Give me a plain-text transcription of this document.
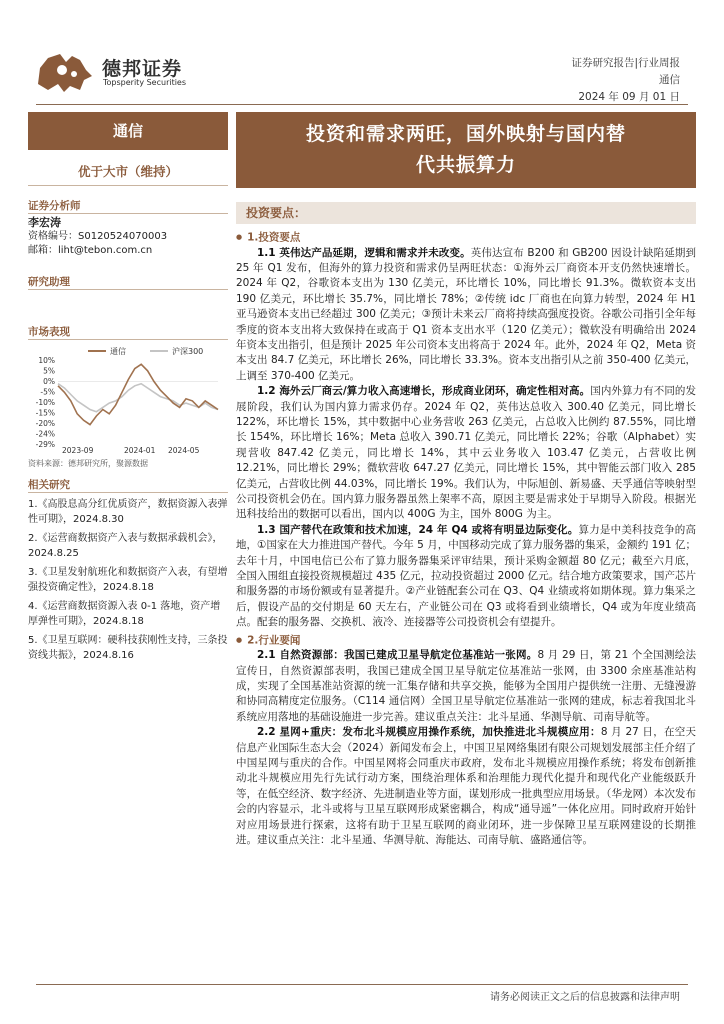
德邦证券
Topsperity Securities
证券研究报告|行业周报
通信
2024 年 09 月 01 日
通信
优于大市（维持）
证券分析师
李宏涛
资格编号：S0120524070003
邮箱：liht@tebon.com.cn
研究助理
市场表现
通信	沪深300
10%
5%
0%
-5%
-10%
-15%
-20%
-24%
-29%
2023-09	2024-01 2024-05
资料来源：德邦研究所，聚源数据
相关研究
1.《高股息高分红优质资产，数据资源入表弹性可期》，2024.8.30
2.《运营商数据资产入表与数据承载机会》，2024.8.25
3.《卫星发射航班化和数据资产入表，有望增强投资确定性》，2024.8.18
4.《运营商数据资源入表 0-1 落地，资产增厚弹性可期》，2024.8.18
5.《卫星互联网：硬科技获刚性支持，三条投资线共振》，2024.8.16
投资和需求两旺，国外映射与国内替
代共振算力
投资要点：
● 1.投资要点

1.1 英伟达产品延期，逻辑和需求并未改变。英伟达宣布 B200 和 GB200 因设计缺陷延期到 25 年 Q1 发布，但海外的算力投资和需求仍呈两旺状态：①海外云厂商资本开支仍然快速增长。2024 年 Q2，谷歌资本支出为 130 亿美元，环比增长 10%，同比增长 91.3%。微软资本支出 190 亿美元，环比增长 35.7%，同比增长 78%；②传统 idc 厂商也在向算力转型，2024 年 H1 亚马逊资本支出已经超过 300 亿美元；③预计未来云厂商将持续高强度投资。谷歌公司指引全年每季度的资本支出将大致保持在或高于 Q1 资本支出水平（120 亿美元）；微软没有明确给出 2024 年资本支出指引，但是预计 2025 年公司资本支出将高于 2024 年。此外，2024 年 Q2，Meta 资本支出 84.7 亿美元，环比增长 26%，同比增长 33.3%。资本支出指引从之前 350-400 亿美元，上调至 370-400 亿美元。

1.2 海外云厂商云/算力收入高速增长，形成商业闭环，确定性相对高。国内外算力有不同的发展阶段，我们认为国内算力需求仍存。2024 年 Q2，英伟达总收入 300.40 亿美元，同比增长 122%，环比增长 15%，其中数据中心业务营收 263 亿美元，占总收入比例约 87.55%，同比增长 154%，环比增长 16%；Meta 总收入 390.71 亿美元，同比增长 22%；谷歌（Alphabet）实现营收 847.42 亿美元，同比增长 14%，其中云业务收入 103.47 亿美元，占营收比例 12.21%，同比增长 29%；微软营收 647.27 亿美元，同比增长 15%，其中智能云部门收入 285 亿美元，占营收比例 44.03%，同比增长 19%。我们认为，中际旭创、新易盛、天孚通信等映射型公司投资机会仍在。国内算力服务器虽然上架率不高，原因主要是需求处于早期导入阶段。根据光迅科技给出的数据可以看出，国内以 400G 为主，国外 800G 为主。

1.3 国产替代在政策和技术加速，24 年 Q4 或将有明显边际变化。算力是中美科技竞争的高地，①国家在大力推进国产替代。今年 5 月，中国移动完成了算力服务器的集采，金额约 191 亿；去年十月，中国电信已公布了算力服务器集采评审结果，预计采购金额超 80 亿元；截至六月底，全国入围组直接投资规模超过 435 亿元，拉动投资超过 2000 亿元。结合地方政策要求，国产芯片和服务器的市场份额或有显著提升。②产业链配套公司在 Q3、Q4 业绩或将如期体现。算力集采之后，假设产品的交付期是 60 天左右，产业链公司在 Q3 或将看到业绩增长，Q4 或为年度业绩高点。配套的服务器、交换机、液冷、连接器等公司投资机会有望提升。

● 2.行业要闻

2.1 自然资源部：我国已建成卫星导航定位基准站一张网。8 月 29 日，第 21 个全国测绘法宣传日，自然资源部表明，我国已建成全国卫星导航定位基准站一张网，由 3300 余座基准站构成，实现了全国基准站资源的统一汇集存储和共享交换，能够为全国用户提供统一注册、无缝漫游和协同高精度定位服务。（C114 通信网）全国卫星导航定位基准站一张网的建成，标志着我国北斗系统应用落地的基础设施进一步完善。建议重点关注：北斗星通、华测导航、司南导航等。

2.2 星网+重庆：发布北斗规模应用操作系统，加快推进北斗规模应用：8 月 27 日，在空天信息产业国际生态大会（2024）新闻发布会上，中国卫星网络集团有限公司规划发展部主任介绍了中国星网与重庆的合作。中国星网将会同重庆市政府，发布北斗规模应用操作系统；将发布创新推动北斗规模应用先行先试行动方案，围绕治理体系和治理能力现代化提升和现代化产业能级跃升等，在低空经济、数字经济、先进制造业等方面，谋划形成一批典型应用场景。（华龙网）本次发布会的内容显示，北斗或将与卫星互联网形成紧密耦合，构成“通导遥”一体化应用。同时政府开始针对应用场景进行探索，这将有助于卫星互联网的商业闭环，进一步保障卫星互联网建设的长期推进。建议重点关注：北斗星通、华测导航、海能达、司南导航、盛路通信等。

请务必阅读正文之后的信息披露和法律声明
